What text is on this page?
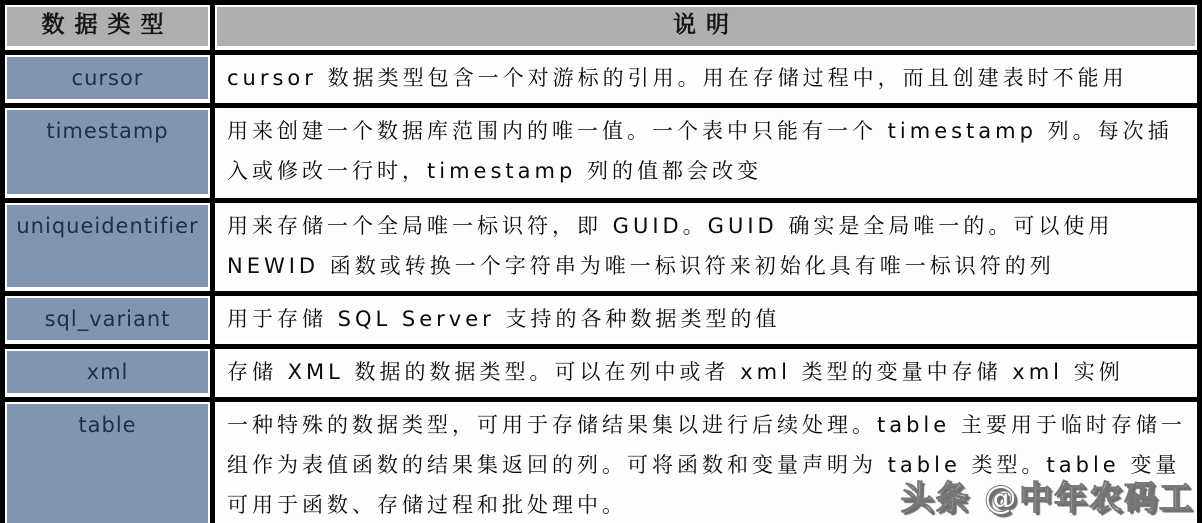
数据类型	说明
cursor	cursor 数据类型包含一个对游标的引用。用在存储过程中，而且创建表时不能用
timestamp	用来创建一个数据库范围内的唯一值。一个表中只能有一个 timestamp 列。每次插入或修改一行时，timestamp 列的值都会改变
uniqueidentifier	用来存储一个全局唯一标识符，即 GUID。GUID 确实是全局唯一的。可以使用 NEWID 函数或转换一个字符串为唯一标识符来初始化具有唯一标识符的列
sql_variant	用于存储 SQL Server 支持的各种数据类型的值
xml	存储 XML 数据的数据类型。可以在列中或者 xml 类型的变量中存储 xml 实例
table	一种特殊的数据类型，可用于存储结果集以进行后续处理。table 主要用于临时存储一组作为表值函数的结果集返回的列。可将函数和变量声明为 table 类型。table 变量可用于函数、存储过程和批处理中。	头条 @中年农码工
